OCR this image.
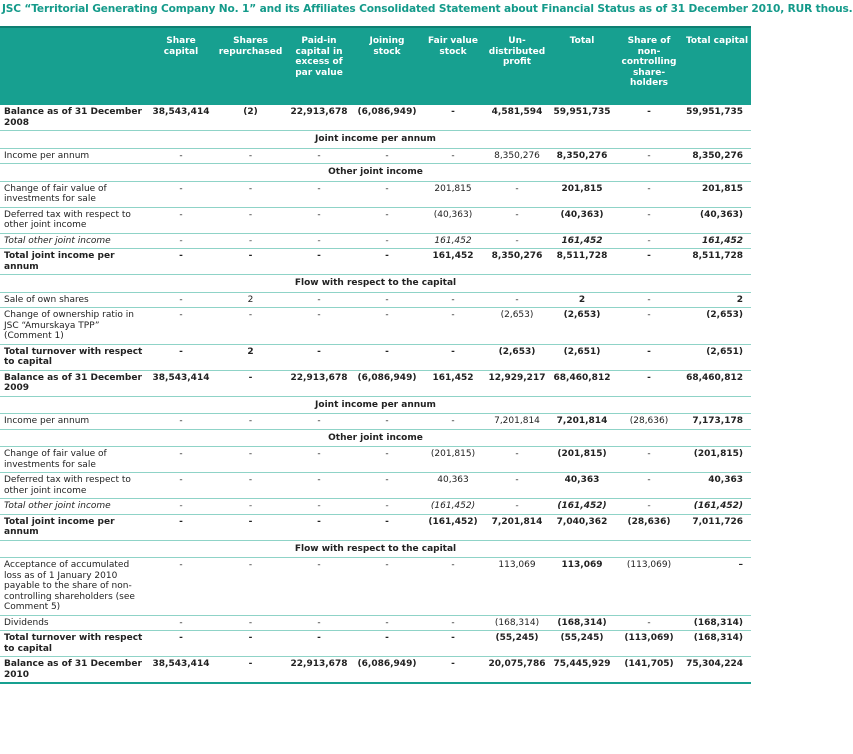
JSC “Territorial Generating Company No. 1” and its Affiliates Consolidated Statement about Financial Status as of 31 December 2010, RUR thous.
	Share capital	Shares repurchased	Paid-in capital in excess of par value	Joining stock	Fair value stock	Un-distributed profit	Total	Share of non-controlling share-holders	Total capital
Balance as of 31 December 2008	38,543,414	(2)	22,913,678	(6,086,949)	-	4,581,594	59,951,735	-	59,951,735
Joint income per annum									
Income per annum	-	-	-	-	-	8,350,276	8,350,276	-	8,350,276
Other joint income									
Change of fair value of investments for sale	-	-	-	-	201,815	-	201,815	-	201,815
Deferred tax with respect to other joint income	-	-	-	-	(40,363)	-	(40,363)	-	(40,363)
Total other joint income	-	-	-	-	161,452	-	161,452	-	161,452
Total joint income per annum	-	-	-	-	161,452	8,350,276	8,511,728	-	8,511,728
Flow with respect to the capital									
Sale of own shares	-	2	-	-	-	-	2	-	2
Change of ownership ratio in JSC “Amurskaya TPP” (Comment 1)	-	-	-	-	-	(2,653)	(2,653)	-	(2,653)
Total turnover with respect to capital	-	2	-	-	-	(2,653)	(2,651)	-	(2,651)
Balance as of 31 December 2009	38,543,414	-	22,913,678	(6,086,949)	161,452	12,929,217	68,460,812	-	68,460,812
Joint income per annum									
Income per annum	-	-	-	-	-	7,201,814	7,201,814	(28,636)	7,173,178
Other joint income									
Change of fair value of investments for sale	-	-	-	-	(201,815)	-	(201,815)	-	(201,815)
Deferred tax with respect to other joint income	-	-	-	-	40,363	-	40,363	-	40,363
Total other joint income	-	-	-	-	(161,452)	-	(161,452)	-	(161,452)
Total joint income per annum	-	-	-	-	(161,452)	7,201,814	7,040,362	(28,636)	7,011,726
Flow with respect to the capital									
Acceptance of accumulated loss as of 1 January 2010 payable to the share of non-controlling shareholders (see Comment 5)	-	-	-	-	-	113,069	113,069	(113,069)	–
Dividends	-	-	-	-	-	(168,314)	(168,314)	-	(168,314)
Total turnover with respect to capital	-	-	-	-	-	(55,245)	(55,245)	(113,069)	(168,314)
Balance as of 31 December 2010	38,543,414	-	22,913,678	(6,086,949)	-	20,075,786	75,445,929	(141,705)	75,304,224
